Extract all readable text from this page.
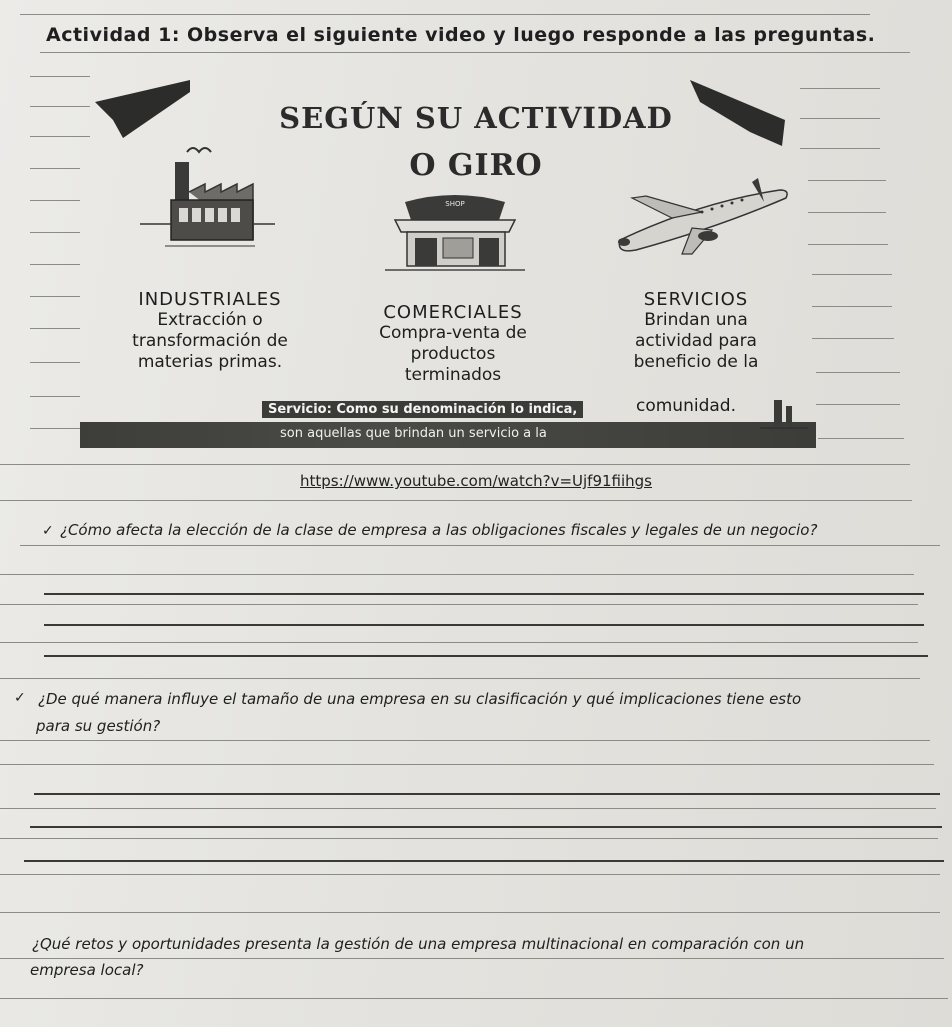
Actividad 1: Observa el siguiente video y luego responde a las preguntas.
SEGÚN SU ACTIVIDAD
O GIRO
SHOP
INDUSTRIALES
Extracción o
transformación de
materias primas.
COMERCIALES
Compra-venta de
productos
terminados
SERVICIOS
Brindan una
actividad para
beneficio de la
Servicio: Como su denominación lo indica,
son aquellas que brindan un servicio a la
comunidad.
https://www.youtube.com/watch?v=Ujf91fiihgs
✓ ¿Cómo afecta la elección de la clase de empresa a las obligaciones fiscales y legales de un negocio?
✓ ¿De qué manera influye el tamaño de una empresa en su clasificación y qué implicaciones tiene esto
para su gestión?
¿Qué retos y oportunidades presenta la gestión de una empresa multinacional en comparación con un
empresa local?
